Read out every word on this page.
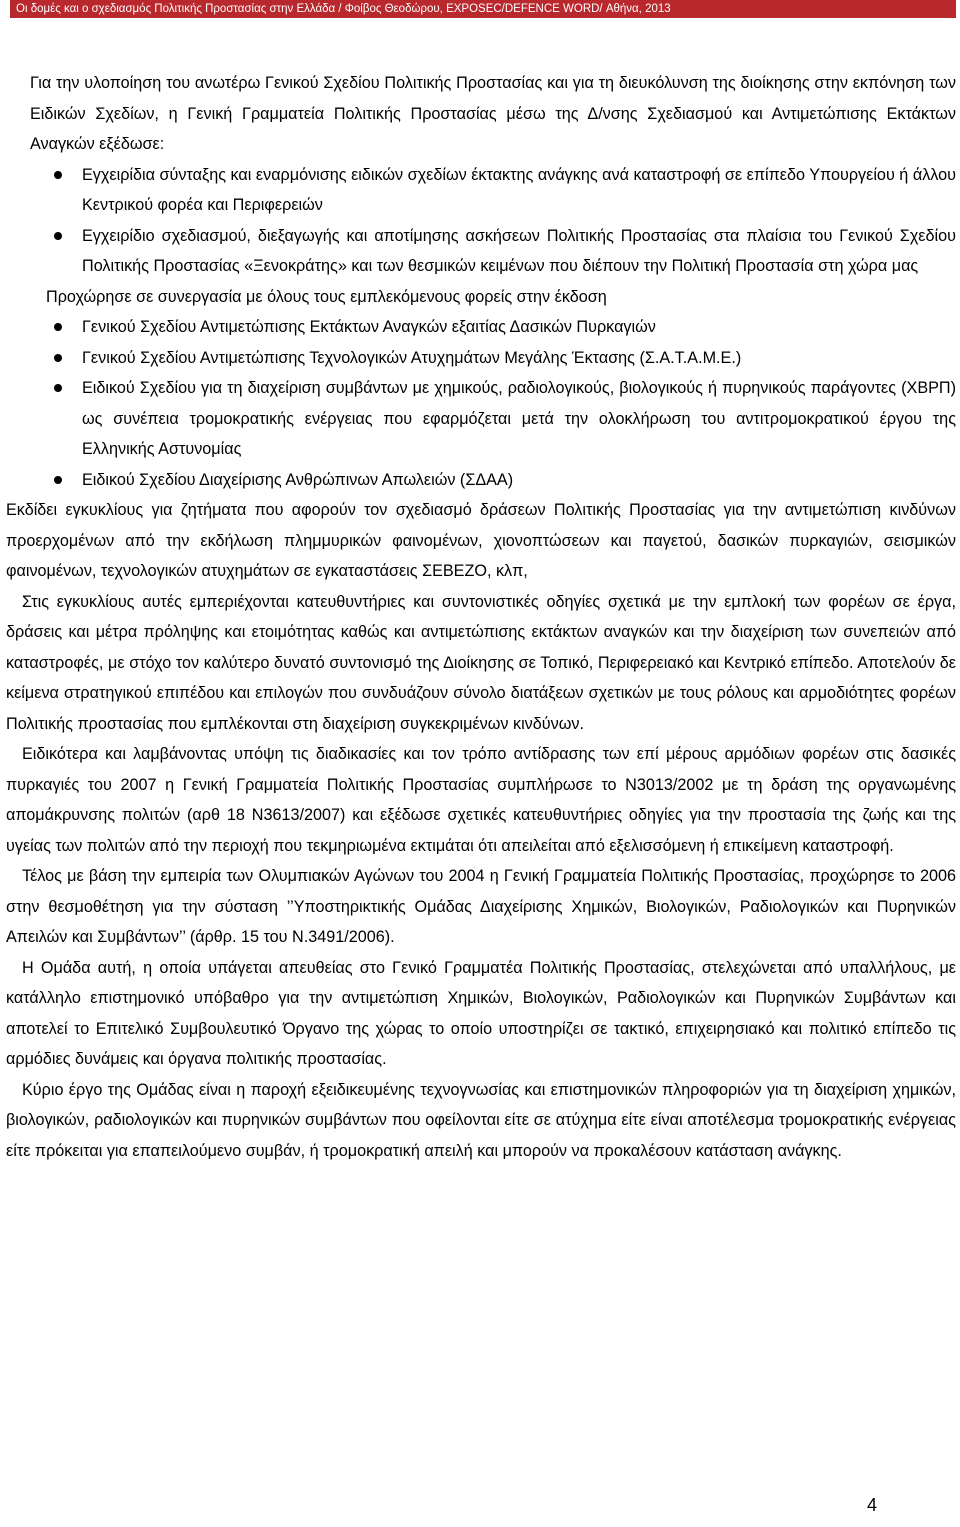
Οι δομές και ο σχεδιασμός Πολιτικής Προστασίας στην Ελλάδα / Φοίβος Θεοδώρου, EXPOSEC/DEFENCE WORD/ Αθήνα, 2013

Για την υλοποίηση του ανωτέρω Γενικού Σχεδίου Πολιτικής Προστασίας και για τη διευκόλυνση της διοίκησης στην εκπόνηση των Ειδικών Σχεδίων, η Γενική Γραμματεία Πολιτικής Προστασίας μέσω της Δ/νσης Σχεδιασμού και Αντιμετώπισης Εκτάκτων Αναγκών εξέδωσε:

Εγχειρίδια σύνταξης και εναρμόνισης ειδικών σχεδίων έκτακτης ανάγκης ανά καταστροφή σε επίπεδο Υπουργείου ή άλλου Κεντρικού φορέα και Περιφερειών
Εγχειρίδιο σχεδιασμού, διεξαγωγής και αποτίμησης ασκήσεων Πολιτικής Προστασίας στα πλαίσια του Γενικού Σχεδίου Πολιτικής Προστασίας «Ξενοκράτης» και των θεσμικών κειμένων που διέπουν την Πολιτική Προστασία στη χώρα μας

Προχώρησε σε συνεργασία με όλους τους εμπλεκόμενους φορείς στην έκδοση

Γενικού Σχεδίου Αντιμετώπισης Εκτάκτων Αναγκών εξαιτίας Δασικών Πυρκαγιών
Γενικού Σχεδίου Αντιμετώπισης Τεχνολογικών Ατυχημάτων Μεγάλης Έκτασης (Σ.Α.Τ.Α.Μ.Ε.)
Ειδικού Σχεδίου για τη διαχείριση συμβάντων με χημικούς, ραδιολογικούς, βιολογικούς ή πυρηνικούς παράγοντες (ΧΒΡΠ) ως συνέπεια τρομοκρατικής ενέργειας που εφαρμόζεται μετά την ολοκλήρωση του αντιτρομοκρατικού έργου της Ελληνικής Αστυνομίας
Ειδικού Σχεδίου Διαχείρισης Ανθρώπινων Απωλειών (ΣΔΑΑ)

Εκδίδει εγκυκλίους για ζητήματα που αφορούν τον σχεδιασμό δράσεων Πολιτικής Προστασίας για την αντιμετώπιση κινδύνων προερχομένων από την εκδήλωση πλημμυρικών φαινομένων, χιονοπτώσεων και παγετού, δασικών πυρκαγιών, σεισμικών φαινομένων, τεχνολογικών ατυχημάτων σε εγκαταστάσεις ΣΕΒΕΖΟ, κλπ,

Στις εγκυκλίους αυτές εμπεριέχονται κατευθυντήριες και συντονιστικές οδηγίες σχετικά με την εμπλοκή των φορέων σε έργα, δράσεις και μέτρα πρόληψης και ετοιμότητας καθώς και αντιμετώπισης εκτάκτων αναγκών και την διαχείριση των συνεπειών από καταστροφές, με στόχο τον καλύτερο δυνατό συντονισμό της Διοίκησης σε Τοπικό, Περιφερειακό και Κεντρικό επίπεδο. Αποτελούν δε κείμενα στρατηγικού επιπέδου και επιλογών που συνδυάζουν σύνολο διατάξεων σχετικών με τους ρόλους και αρμοδιότητες φορέων Πολιτικής προστασίας που εμπλέκονται στη διαχείριση συγκεκριμένων κινδύνων.

Ειδικότερα και λαμβάνοντας υπόψη τις διαδικασίες και τον τρόπο αντίδρασης των επί μέρους αρμόδιων φορέων στις δασικές πυρκαγιές του 2007 η Γενική Γραμματεία Πολιτικής Προστασίας συμπλήρωσε το Ν3013/2002 με τη δράση της οργανωμένης απομάκρυνσης πολιτών (αρθ 18 Ν3613/2007) και εξέδωσε σχετικές κατευθυντήριες οδηγίες για την προστασία της ζωής και της υγείας των πολιτών από την περιοχή που τεκμηριωμένα εκτιμάται ότι απειλείται από εξελισσόμενη ή επικείμενη καταστροφή.

Τέλος με βάση την εμπειρία των Ολυμπιακών Αγώνων του 2004 η Γενική Γραμματεία Πολιτικής Προστασίας, προχώρησε το 2006 στην θεσμοθέτηση για την σύσταση ’’Υποστηρικτικής Ομάδας Διαχείρισης Χημικών, Βιολογικών, Ραδιολογικών και Πυρηνικών Απειλών και Συμβάντων’’ (άρθρ. 15 του Ν.3491/2006).

Η Ομάδα αυτή, η οποία υπάγεται απευθείας στο Γενικό Γραμματέα Πολιτικής Προστασίας, στελεχώνεται από υπαλλήλους, με κατάλληλο επιστημονικό υπόβαθρο για την αντιμετώπιση Χημικών, Βιολογικών, Ραδιολογικών και Πυρηνικών Συμβάντων και αποτελεί το Επιτελικό Συμβουλευτικό Όργανο της χώρας το οποίο υποστηρίζει σε τακτικό, επιχειρησιακό και πολιτικό επίπεδο τις αρμόδιες δυνάμεις και όργανα πολιτικής προστασίας.

Κύριο έργο της Ομάδας είναι η παροχή εξειδικευμένης τεχνογνωσίας και επιστημονικών πληροφοριών για τη διαχείριση χημικών, βιολογικών, ραδιολογικών και πυρηνικών συμβάντων που οφείλονται είτε σε ατύχημα είτε είναι αποτέλεσμα τρομοκρατικής ενέργειας είτε πρόκειται για επαπειλούμενο συμβάν, ή τρομοκρατική απειλή και μπορούν να προκαλέσουν κατάσταση ανάγκης.

4
